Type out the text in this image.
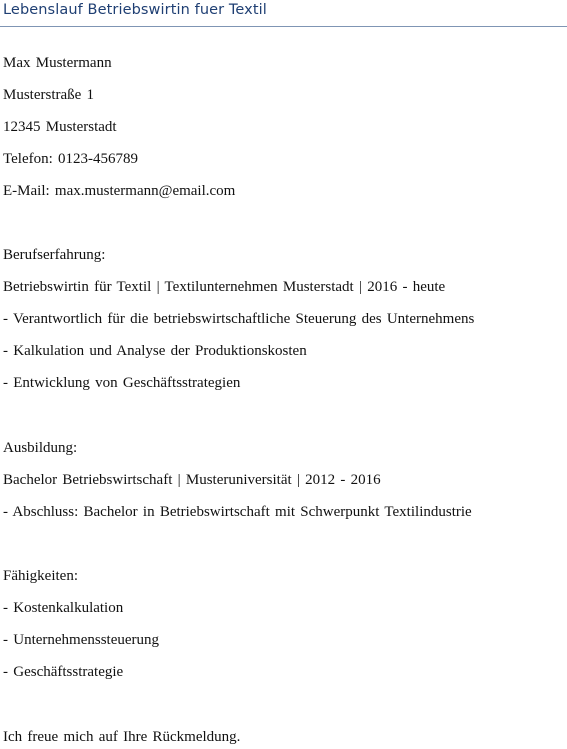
Lebenslauf Betriebswirtin fuer Textil
Max Mustermann
Musterstraße 1
12345 Musterstadt
Telefon: 0123-456789
E-Mail: max.mustermann@email.com
Berufserfahrung:
Betriebswirtin für Textil | Textilunternehmen Musterstadt | 2016 - heute
- Verantwortlich für die betriebswirtschaftliche Steuerung des Unternehmens
- Kalkulation und Analyse der Produktionskosten
- Entwicklung von Geschäftsstrategien
Ausbildung:
Bachelor Betriebswirtschaft | Musteruniversität | 2012 - 2016
- Abschluss: Bachelor in Betriebswirtschaft mit Schwerpunkt Textilindustrie
Fähigkeiten:
- Kostenkalkulation
- Unternehmenssteuerung
- Geschäftsstrategie
Ich freue mich auf Ihre Rückmeldung.
